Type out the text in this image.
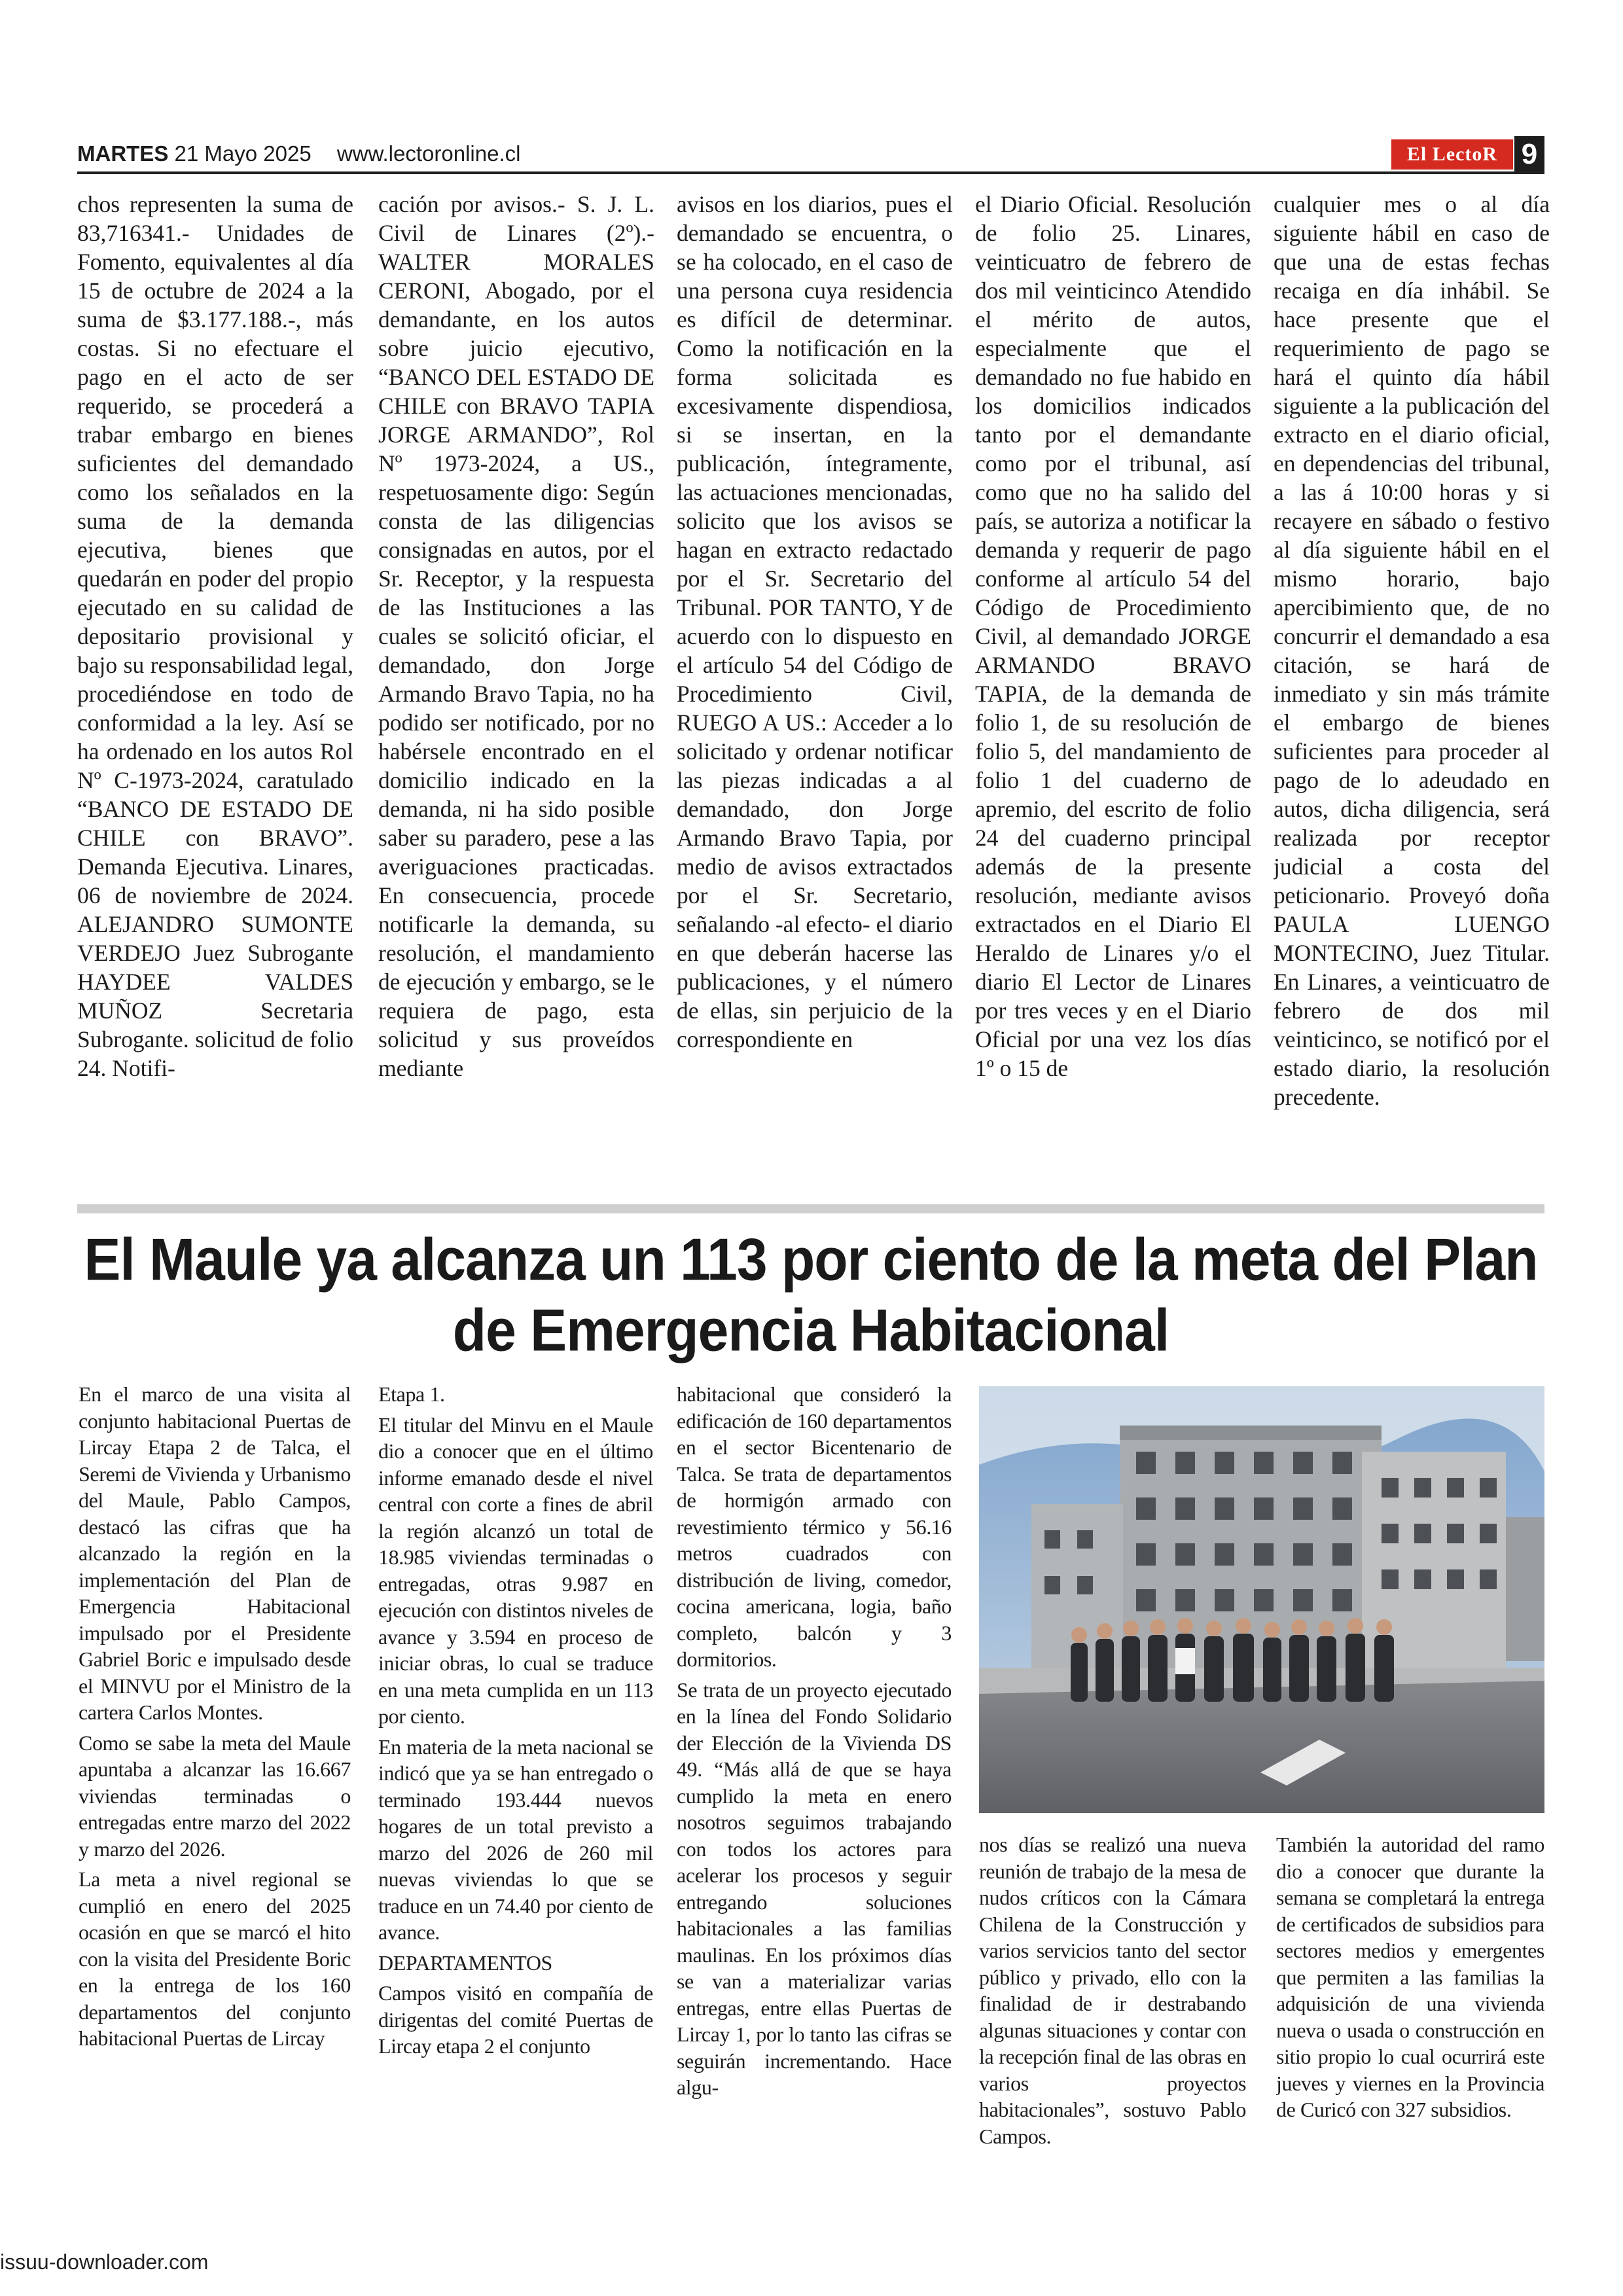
MARTES 21 Mayo 2025 www.lectoronline.cl	El LectoR 9

chos representen la suma de 83,716341.- Unidades de Fomento, equivalentes al día 15 de octubre de 2024 a la suma de $3.177.188.-, más costas. Si no efectuare el pago en el acto de ser requerido, se procederá a trabar embargo en bienes suficientes del demandado como los señalados en la suma de la demanda ejecutiva, bienes que quedarán en poder del propio ejecutado en su calidad de depositario provisional y bajo su responsabilidad legal, procediéndose en todo de conformidad a la ley. Así se ha ordenado en los autos Rol Nº C-1973-2024, caratulado “BANCO DE ESTADO DE CHILE con BRAVO”. Demanda Ejecutiva. Linares, 06 de noviembre de 2024. ALEJANDRO SUMONTE VERDEJO Juez Subrogante HAYDEE VALDES MUÑOZ Secretaria Subrogante. solicitud de folio 24. Notifi-

cación por avisos.- S. J. L. Civil de Linares (2º).- WALTER MORALES CERONI, Abogado, por el demandante, en los autos sobre juicio ejecutivo, “BANCO DEL ESTADO DE CHILE con BRAVO TAPIA JORGE ARMANDO”, Rol Nº 1973-2024, a US., respetuosamente digo: Según consta de las diligencias consignadas en autos, por el Sr. Receptor, y la respuesta de las Instituciones a las cuales se solicitó oficiar, el demandado, don Jorge Armando Bravo Tapia, no ha podido ser notificado, por no habérsele encontrado en el domicilio indicado en la demanda, ni ha sido posible saber su paradero, pese a las averiguaciones practicadas. En consecuencia, procede notificarle la demanda, su resolución, el mandamiento de ejecución y embargo, se le requiera de pago, esta solicitud y sus proveídos mediante

avisos en los diarios, pues el demandado se encuentra, o se ha colocado, en el caso de una persona cuya residencia es difícil de determinar. Como la notificación en la forma solicitada es excesivamente dispendiosa, si se insertan, en la publicación, íntegramente, las actuaciones mencionadas, solicito que los avisos se hagan en extracto redactado por el Sr. Secretario del Tribunal. POR TANTO, Y de acuerdo con lo dispuesto en el artículo 54 del Código de Procedimiento Civil, RUEGO A US.: Acceder a lo solicitado y ordenar notificar las piezas indicadas a al demandado, don Jorge Armando Bravo Tapia, por medio de avisos extractados por el Sr. Secretario, señalando -al efecto- el diario en que deberán hacerse las publicaciones, y el número de ellas, sin perjuicio de la correspondiente en

el Diario Oficial. Resolución de folio 25. Linares, veinticuatro de febrero de dos mil veinticinco Atendido el mérito de autos, especialmente que el demandado no fue habido en los domicilios indicados tanto por el demandante como por el tribunal, así como que no ha salido del país, se autoriza a notificar la demanda y requerir de pago conforme al artículo 54 del Código de Procedimiento Civil, al demandado JORGE ARMANDO BRAVO TAPIA, de la demanda de folio 1, de su resolución de folio 5, del mandamiento de folio 1 del cuaderno de apremio, del escrito de folio 24 del cuaderno principal además de la presente resolución, mediante avisos extractados en el Diario El Heraldo de Linares y/o el diario El Lector de Linares por tres veces y en el Diario Oficial por una vez los días 1º o 15 de

cualquier mes o al día siguiente hábil en caso de que una de estas fechas recaiga en día inhábil. Se hace presente que el requerimiento de pago se hará el quinto día hábil siguiente a la publicación del extracto en el diario oficial, en dependencias del tribunal, a las á 10:00 horas y si recayere en sábado o festivo al día siguiente hábil en el mismo horario, bajo apercibimiento que, de no concurrir el demandado a esa citación, se hará de inmediato y sin más trámite el embargo de bienes suficientes para proceder al pago de lo adeudado en autos, dicha diligencia, será realizada por receptor judicial a costa del peticionario. Proveyó doña PAULA LUENGO MONTECINO, Juez Titular. En Linares, a veinticuatro de febrero de dos mil veinticinco, se notificó por el estado diario, la resolución precedente.

El Maule ya alcanza un 113 por ciento de la meta del Plan
de Emergencia Habitacional

En el marco de una visita al conjunto habitacional Puertas de Lircay Etapa 2 de Talca, el Seremi de Vivienda y Urbanismo del Maule, Pablo Campos, destacó las cifras que ha alcanzado la región en la implementación del Plan de Emergencia Habitacional impulsado por el Presidente Gabriel Boric e impulsado desde el MINVU por el Ministro de la cartera Carlos Montes.

Como se sabe la meta del Maule apuntaba a alcanzar las 16.667 viviendas terminadas o entregadas entre marzo del 2022 y marzo del 2026.

La meta a nivel regional se cumplió en enero del 2025 ocasión en que se marcó el hito con la visita del Presidente Boric en la entrega de los 160 departamentos del conjunto habitacional Puertas de Lircay

Etapa 1.

El titular del Minvu en el Maule dio a conocer que en el último informe emanado desde el nivel central con corte a fines de abril la región alcanzó un total de 18.985 viviendas terminadas o entregadas, otras 9.987 en ejecución con distintos niveles de avance y 3.594 en proceso de iniciar obras, lo cual se traduce en una meta cumplida en un 113 por ciento.

En materia de la meta nacional se indicó que ya se han entregado o terminado 193.444 nuevos hogares de un total previsto a marzo del 2026 de 260 mil nuevas viviendas lo que se traduce en un 74.40 por ciento de avance.

DEPARTAMENTOS

Campos visitó en compañía de dirigentas del comité Puertas de Lircay etapa 2 el conjunto

habitacional que consideró la edificación de 160 departamentos en el sector Bicentenario de Talca. Se trata de departamentos de hormigón armado con revestimiento térmico y 56.16 metros cuadrados con distribución de living, comedor, cocina americana, logia, baño completo, balcón y 3 dormitorios.

Se trata de un proyecto ejecutado en la línea del Fondo Solidario der Elección de la Vivienda DS 49. “Más allá de que se haya cumplido la meta en enero nosotros seguimos trabajando con todos los actores para acelerar los procesos y seguir entregando soluciones habitacionales a las familias maulinas. En los próximos días se van a materializar varias entregas, entre ellas Puertas de Lircay 1, por lo tanto las cifras se seguirán incrementando. Hace algu-

nos días se realizó una nueva reunión de trabajo de la mesa de nudos críticos con la Cámara Chilena de la Construcción y varios servicios tanto del sector público y privado, ello con la finalidad de ir destrabando algunas situaciones y contar con la recepción final de las obras en varios proyectos habitacionales”, sostuvo Pablo Campos.

También la autoridad del ramo dio a conocer que durante la semana se completará la entrega de certificados de subsidios para sectores medios y emergentes que permiten a las familias la adquisición de una vivienda nueva o usada o construcción en sitio propio lo cual ocurrirá este jueves y viernes en la Provincia de Curicó con 327 subsidios.

issuu-downloader.com
